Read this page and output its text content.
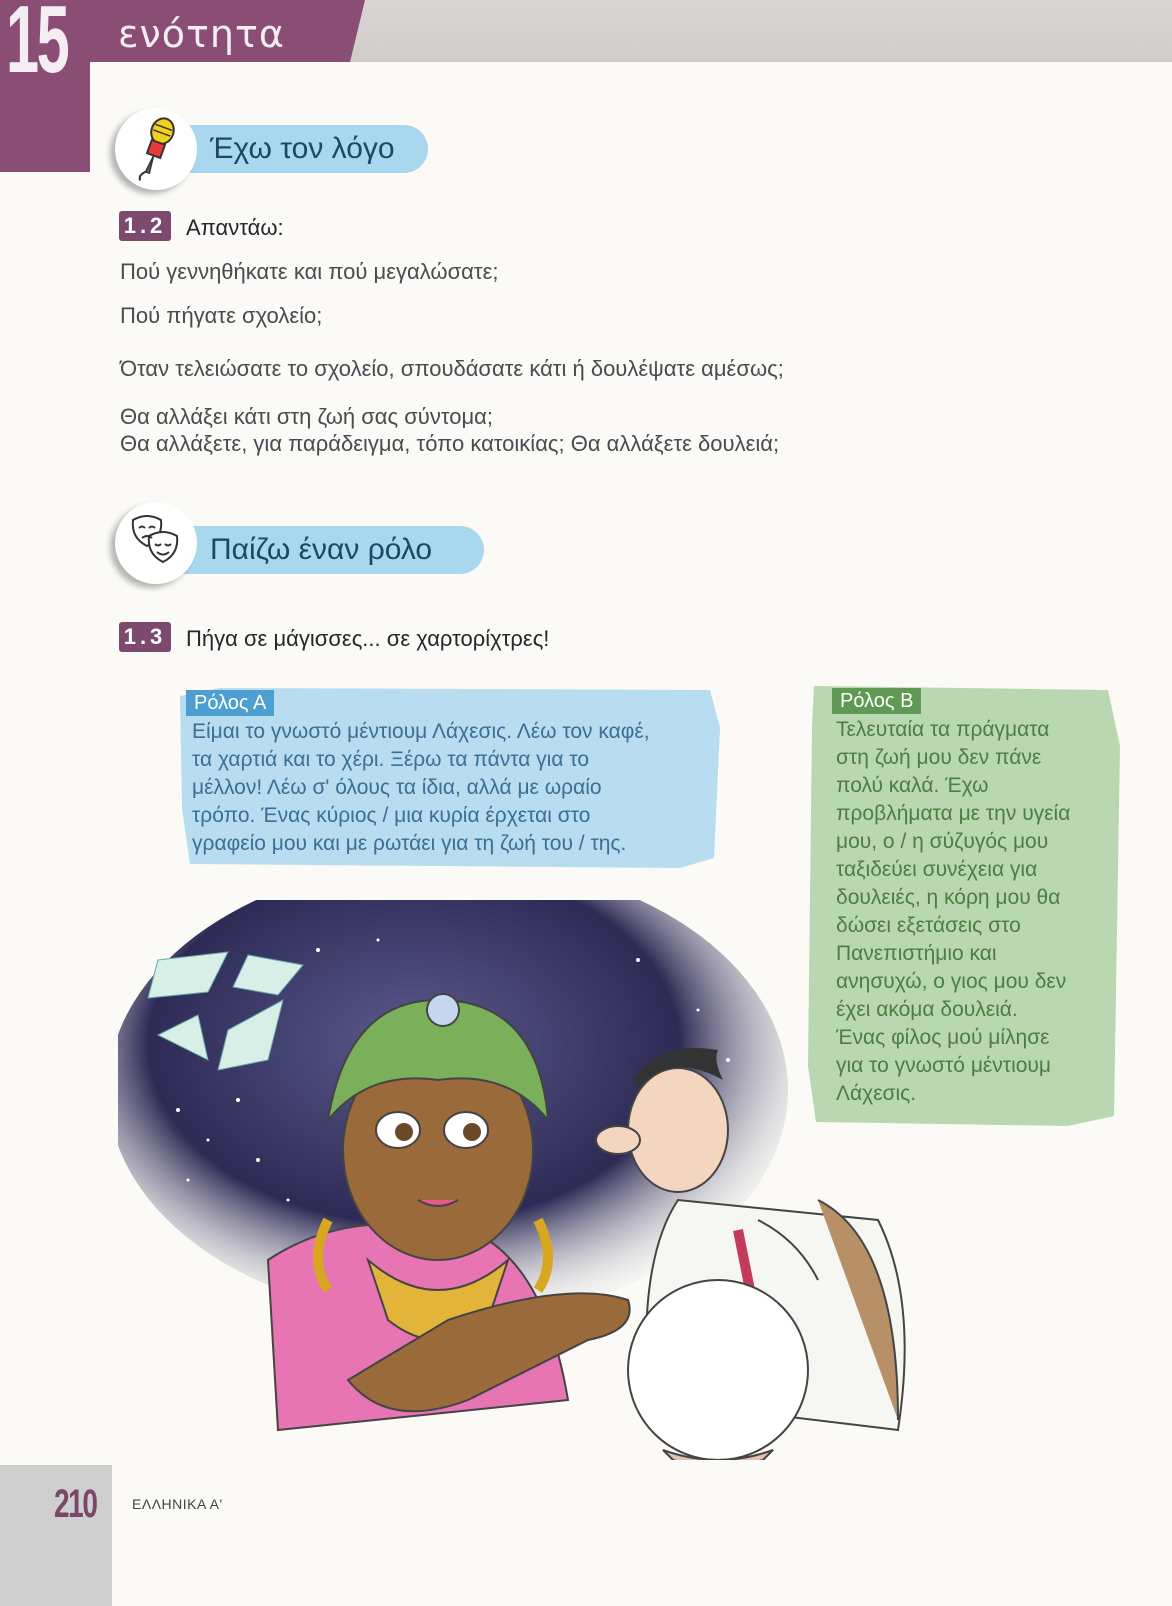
15 ενότητα
Έχω τον λόγο
1.2 Απαντάω:
Πού γεννηθήκατε και πού μεγαλώσατε;
Πού πήγατε σχολείο;
Όταν τελειώσατε το σχολείο, σπουδάσατε κάτι ή δουλέψατε αμέσως;
Θα αλλάξει κάτι στη ζωή σας σύντομα;
Θα αλλάξετε, για παράδειγμα, τόπο κατοικίας; Θα αλλάξετε δουλειά;
Παίζω έναν ρόλο
1.3 Πήγα σε μάγισσες... σε χαρτορίχτρες!
Ρόλος Α
Είμαι το γνωστό μέντιουμ Λάχεσις. Λέω τον καφέ,
τα χαρτιά και το χέρι. Ξέρω τα πάντα για το
μέλλον! Λέω σ' όλους τα ίδια, αλλά με ωραίο
τρόπο. Ένας κύριος / μια κυρία έρχεται στο
γραφείο μου και με ρωτάει για τη ζωή του / της.
Ρόλος Β
Τελευταία τα πράγματα
στη ζωή μου δεν πάνε
πολύ καλά. Έχω
προβλήματα με την υγεία
μου, ο / η σύζυγός μου
ταξιδεύει συνέχεια για
δουλειές, η κόρη μου θα
δώσει εξετάσεις στο
Πανεπιστήμιο και
ανησυχώ, ο γιος μου δεν
έχει ακόμα δουλειά.
Ένας φίλος μού μίλησε
για το γνωστό μέντιουμ
Λάχεσις.
210	ΕΛΛΗΝΙΚΑ Α'
